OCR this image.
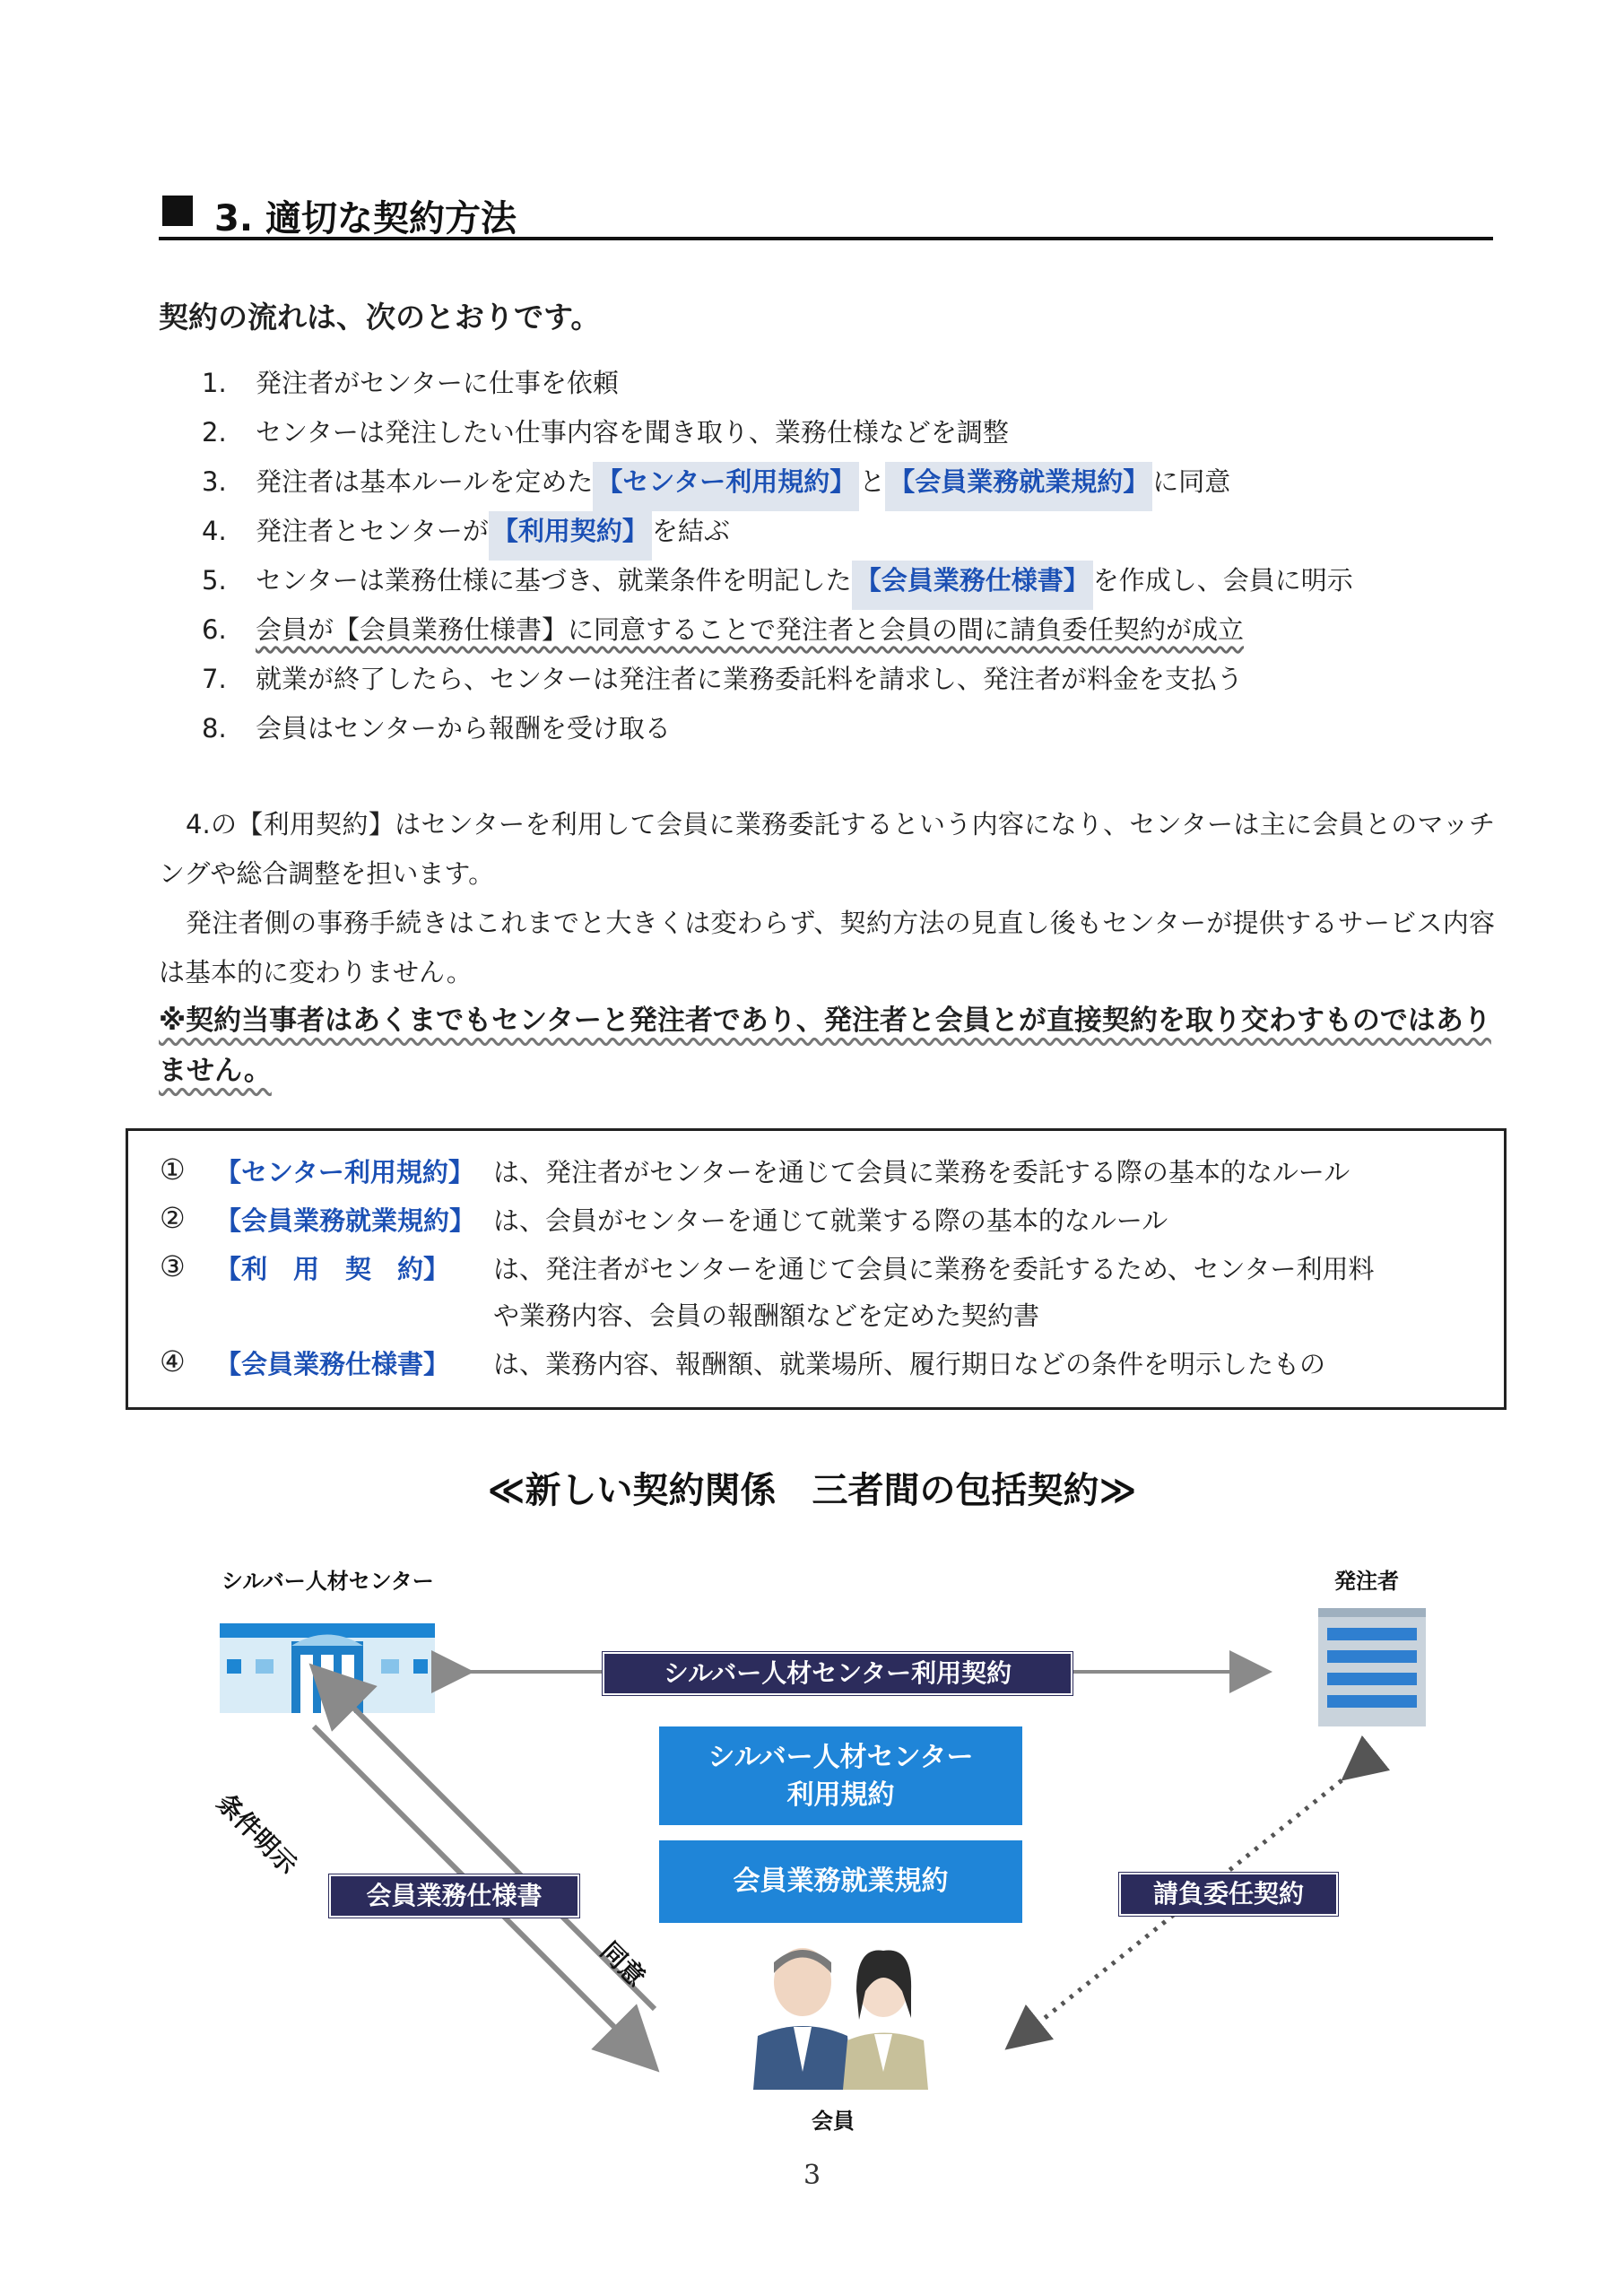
3. 適切な契約方法
契約の流れは、次のとおりです。
1.	発注者がセンターに仕事を依頼
2.	センターは発注したい仕事内容を聞き取り、業務仕様などを調整
3.	発注者は基本ルールを定めた 【センター利用規約】 と 【会員業務就業規約】 に同意
4.	発注者とセンターが 【利用契約】 を結ぶ
5.	センターは業務仕様に基づき、就業条件を明記した 【会員業務仕様書】 を作成し、会員に明示
6.	会員が【会員業務仕様書】に同意することで発注者と会員の間に請負委任契約が成立
7.	就業が終了したら、センターは発注者に業務委託料を請求し、発注者が料金を支払う
8.	会員はセンターから報酬を受け取る

4.の【利用契約】はセンターを利用して会員に業務委託するという内容になり、センターは主に会員とのマッチングや総合調整を担います。

発注者側の事務手続きはこれまでと大きくは変わらず、契約方法の見直し後もセンターが提供するサービス内容は基本的に変わりません。

※契約当事者はあくまでもセンターと発注者であり、発注者と会員とが直接契約を取り交わすものではありません。
①	【センター利用規約】 は、発注者がセンターを通じて会員に業務を委託する際の基本的なルール
②	【会員業務就業規約】 は、会員がセンターを通じて就業する際の基本的なルール
③	【利　用　契　約】	は、発注者がセンターを通じて会員に業務を委託するため、センター利用料
や業務内容、会員の報酬額などを定めた契約書
④	【会員業務仕様書】	は、業務内容、報酬額、就業場所、履行期日などの条件を明示したもの
≪新しい契約関係　三者間の包括契約≫
シルバー人材センター	発注者
会員
シルバー人材センター利用契約
シルバー人材センター
利用規約
会員業務就業規約
会員業務仕様書	請負委任契約
条件明示
同意
3
